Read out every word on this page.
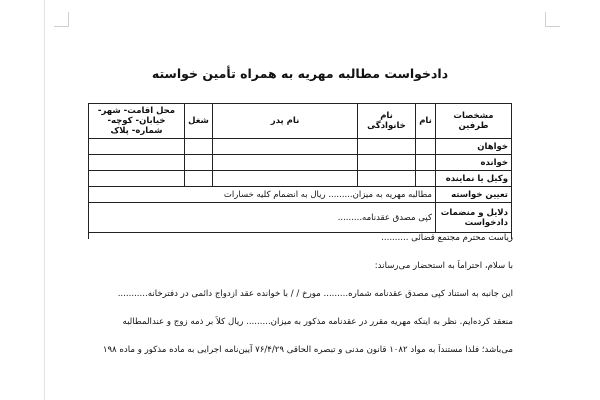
دادخواست مطالبه مهریه به همراه تأمین خواسته
مشخصات طرفین	نام	نام خانوادگی	نام پدر	شغل	محل اقامت- شهر- خیابان- کوچه- شماره- پلاک
خواهان					
خوانده					
وکیل یا نماینده					
تعیین خواسته	مطالبه مهریه به میزان......... ریال به انضمام کلیه خسارات				
دلایل و منضمات دادخواست	کپی مصدق عقدنامه.........				

ریاست محترم مجتمع قضائی ..........

با سلام، احتراماً به استحضار می‌رساند:

این جانبه به استناد کپی مصدق عقدنامه شماره......... مورخ / / با خوانده عقد ازدواج دائمی در دفترخانه...........

منعقد کرده‌ایم. نظر به اینکه مهریه مقرر در عقدنامه مذکور به میزان......... ریال کلاً بر ذمه زوج و عندالمطالبه

می‌باشد؛ فلذا مستنداً به مواد ۱۰۸۲ قانون مدنی و تبصره الحاقی ۷۶/۴/۲۹ آیین‌نامه اجرایی به ماده مذکور و ماده ۱۹۸
